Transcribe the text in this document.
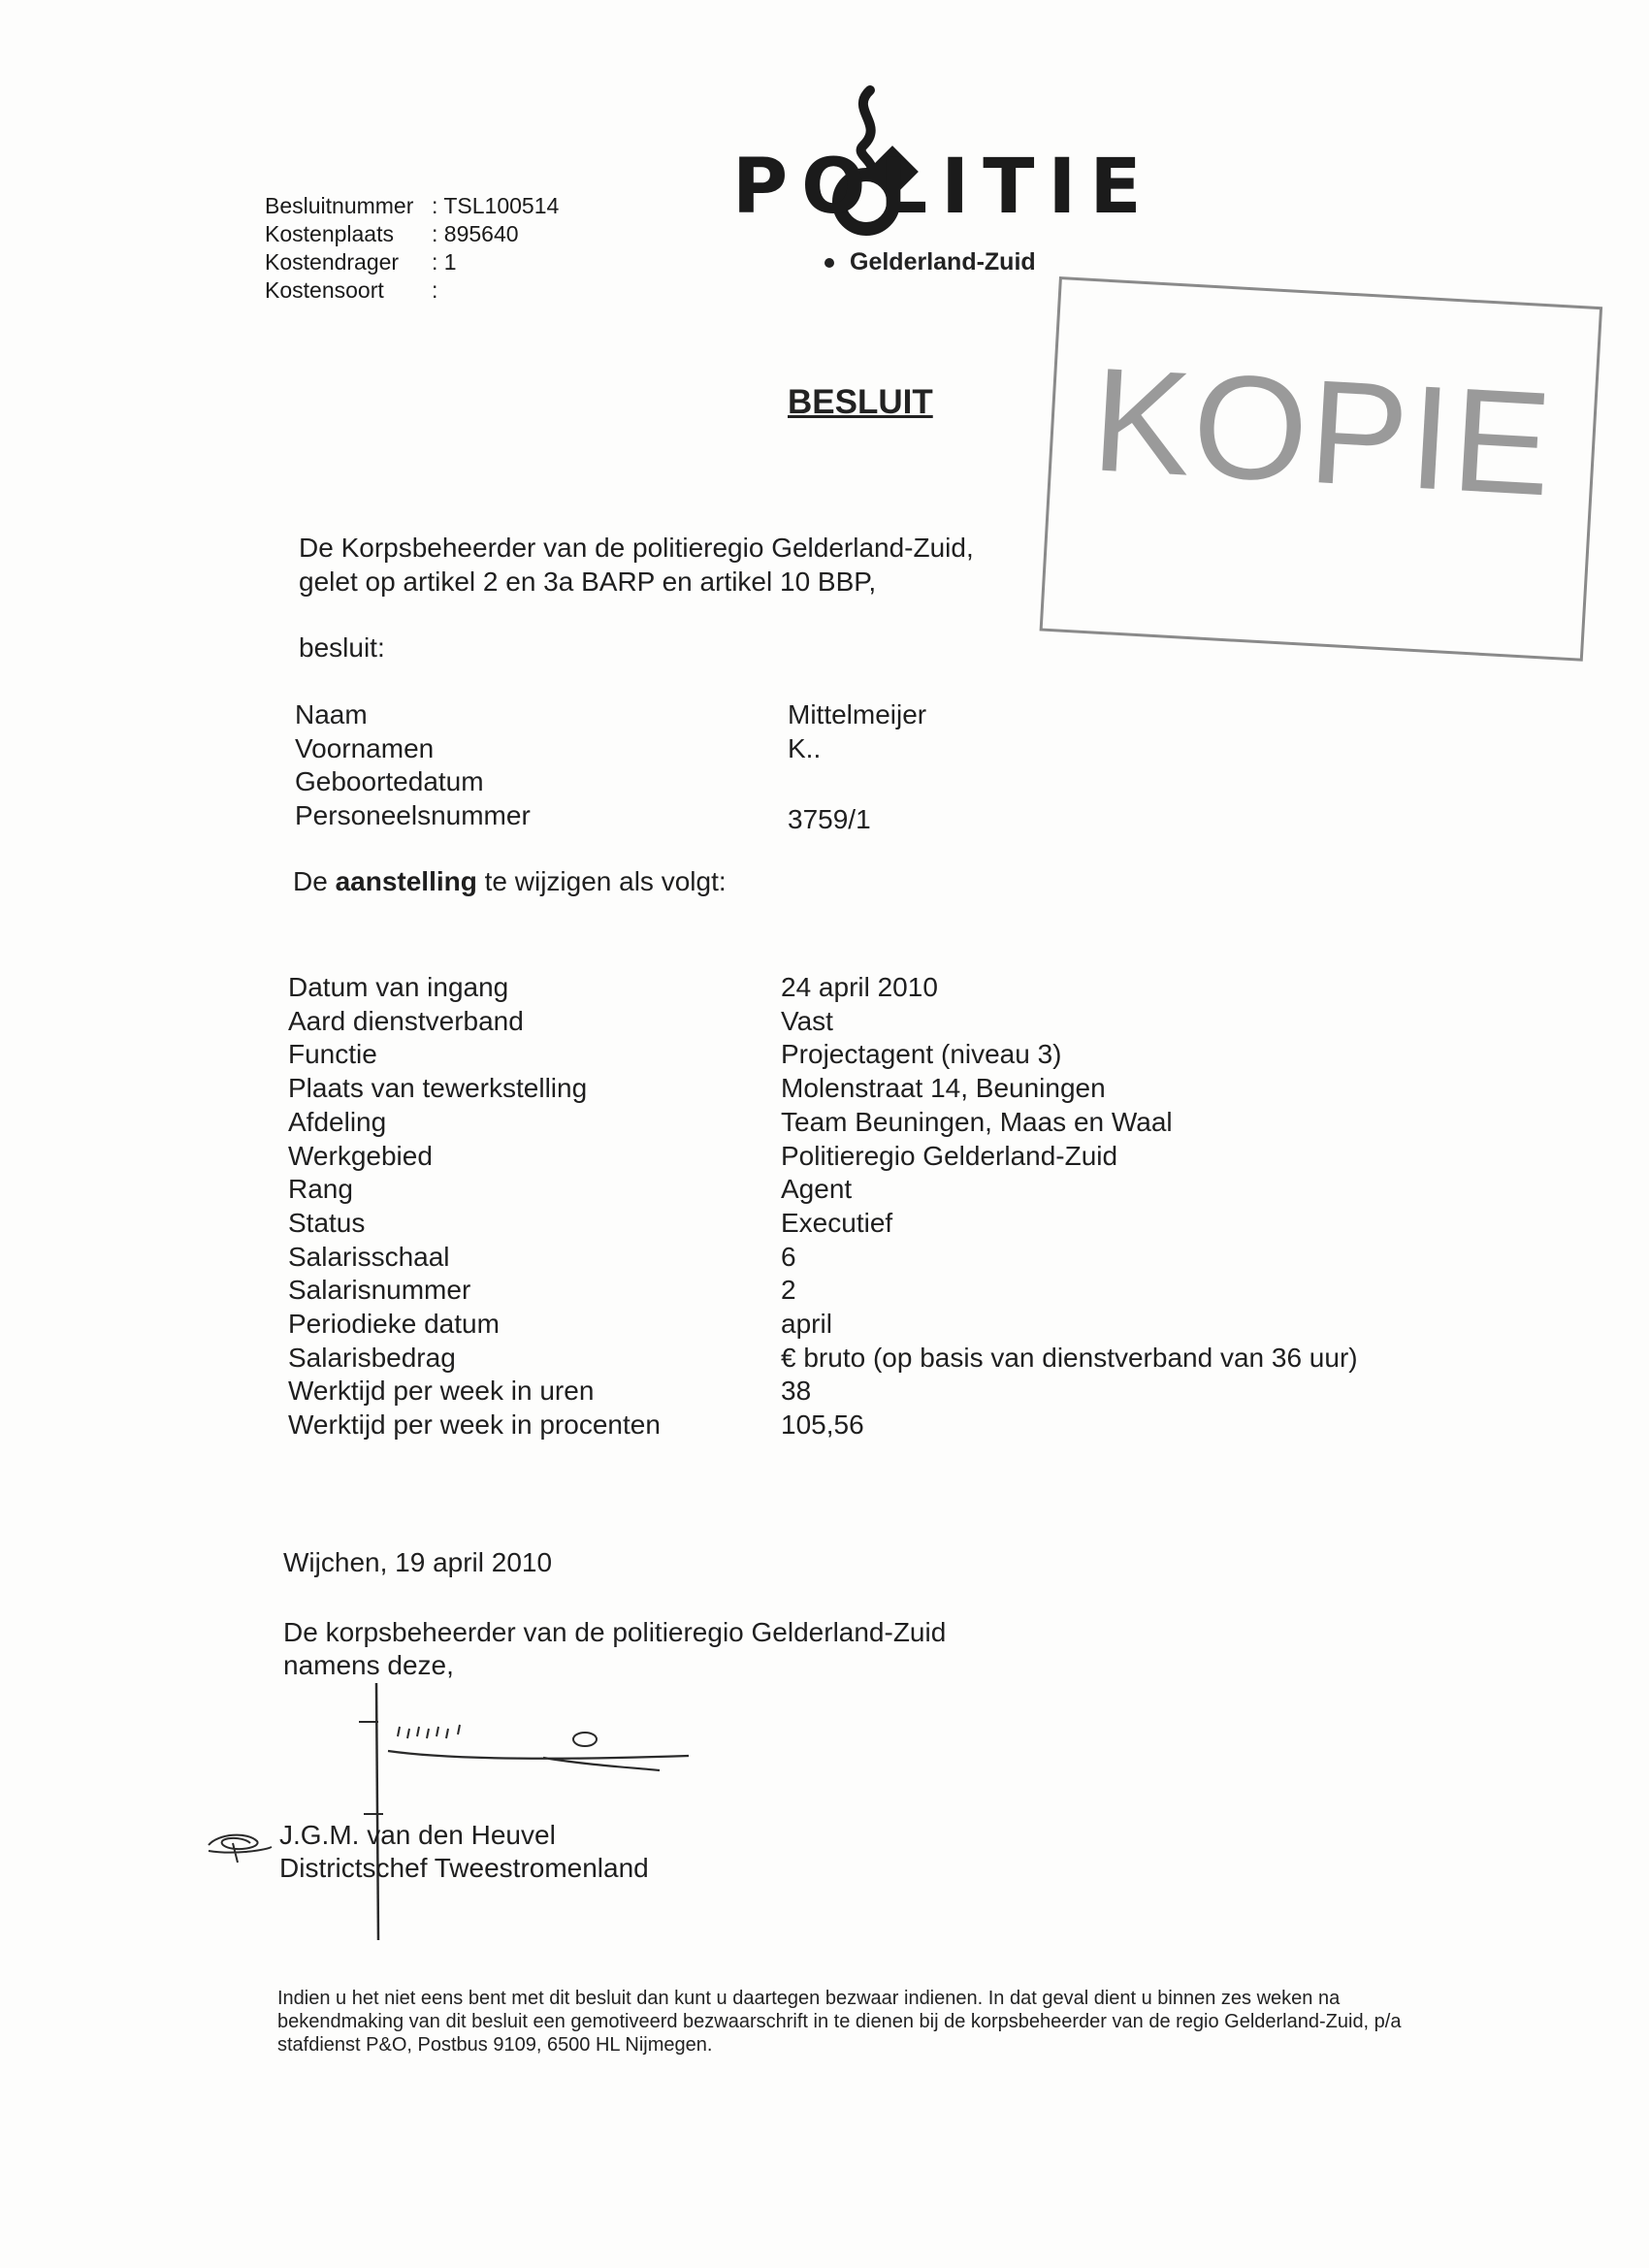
Besluitnummer : TSL100514
Kostenplaats	: 895640
Kostendrager	: 1
Kostensoort	:
POLITIE
Gelderland-Zuid
KOPIE
BESLUIT
De Korpsbeheerder van de politieregio Gelderland-Zuid,
gelet op artikel 2 en 3a BARP en artikel 10 BBP,
besluit:
Naam	Mittelmeijer
Voornamen	K..
Geboortedatum
Personeelsnummer	3759/1
De aanstelling te wijzigen als volgt:
Datum van ingang	24 april 2010
Aard dienstverband	Vast
Functie	Projectagent (niveau 3)
Plaats van tewerkstelling	Molenstraat 14, Beuningen
Afdeling	Team Beuningen, Maas en Waal
Werkgebied	Politieregio Gelderland-Zuid
Rang	Agent
Status	Executief
Salarisschaal	6
Salarisnummer	2
Periodieke datum	april
Salarisbedrag	€ bruto (op basis van dienstverband van 36 uur)
Werktijd per week in uren	38
Werktijd per week in procenten	105,56
Wijchen, 19 april 2010
De korpsbeheerder van de politieregio Gelderland-Zuid
namens deze,
J.G.M. van den Heuvel
Districtschef Tweestromenland
Indien u het niet eens bent met dit besluit dan kunt u daartegen bezwaar indienen. In dat geval dient u binnen zes weken na bekendmaking van dit besluit een gemotiveerd bezwaarschrift in te dienen bij de korpsbeheerder van de regio Gelderland-Zuid, p/a stafdienst P&O, Postbus 9109, 6500 HL Nijmegen.
